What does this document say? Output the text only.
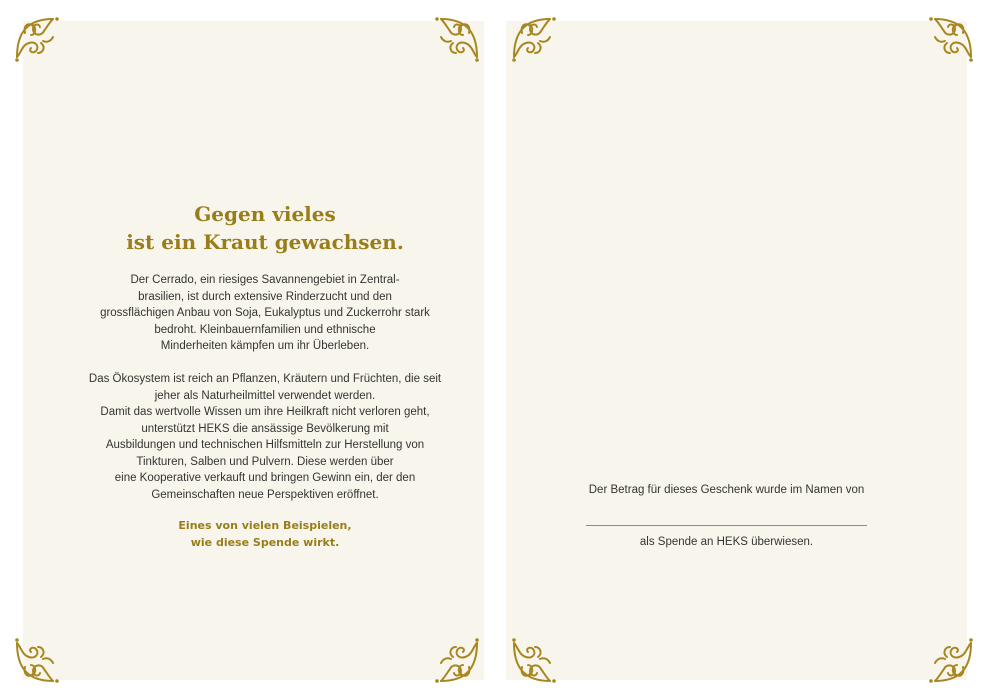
Gegen vieles
ist ein Kraut gewachsen.
Der Cerrado, ein riesiges Savannengebiet in Zentral-
brasilien, ist durch extensive Rinderzucht und den
grossflächigen Anbau von Soja, Eukalyptus und Zuckerrohr stark
bedroht. Kleinbauernfamilien und ethnische
Minderheiten kämpfen um ihr Überleben.
Das Ökosystem ist reich an Pflanzen, Kräutern und Früchten, die seit
jeher als Naturheilmittel verwendet werden.
Damit das wertvolle Wissen um ihre Heilkraft nicht verloren geht,
unterstützt HEKS die ansässige Bevölkerung mit
Ausbildungen und technischen Hilfsmitteln zur Herstellung von
Tinkturen, Salben und Pulvern. Diese werden über
eine Kooperative verkauft und bringen Gewinn ein, der den
Gemeinschaften neue Perspektiven eröffnet.
Eines von vielen Beispielen,
wie diese Spende wirkt.
Der Betrag für dieses Geschenk wurde im Namen von
als Spende an HEKS überwiesen.
